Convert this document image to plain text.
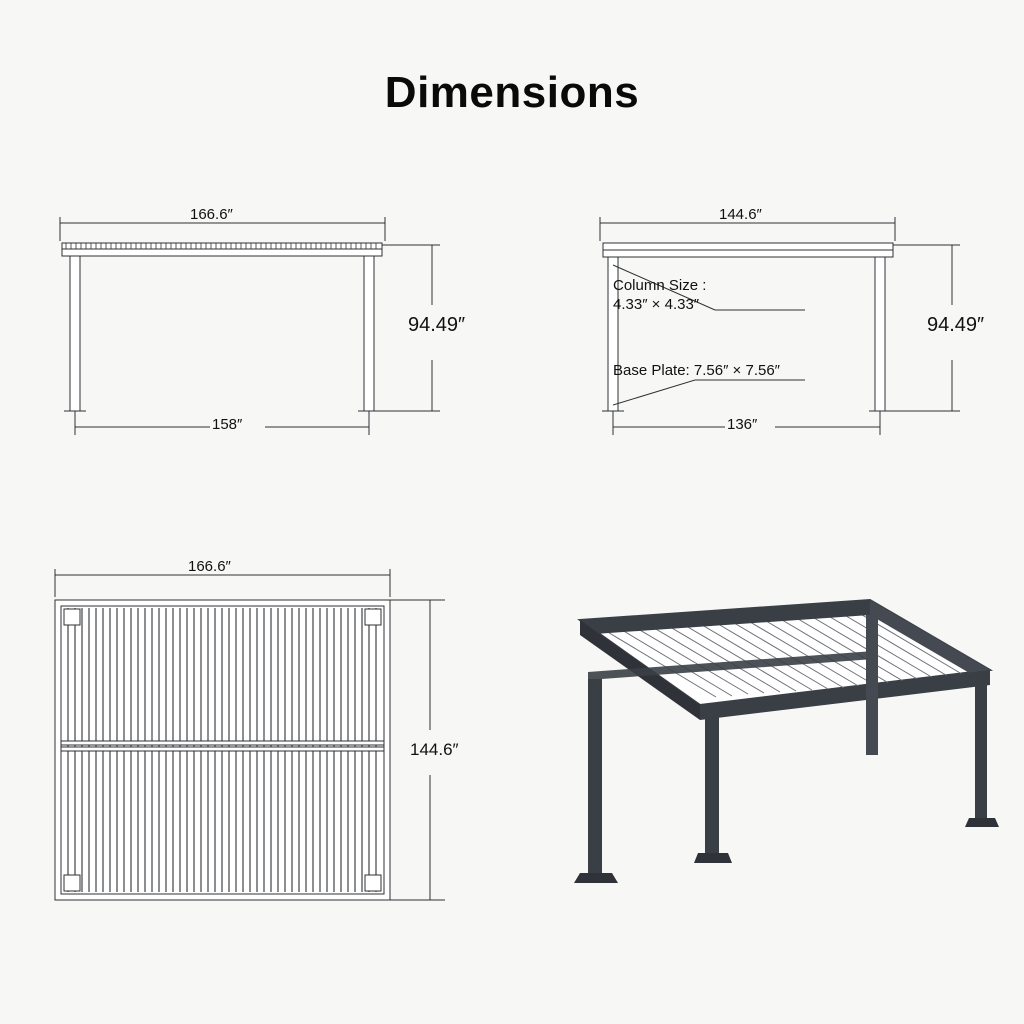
Dimensions
166.6″
158″
94.49″
144.6″
136″
94.49″
Column Size :
4.33″ × 4.33″
Base Plate: 7.56″ × 7.56″
166.6″
144.6″
